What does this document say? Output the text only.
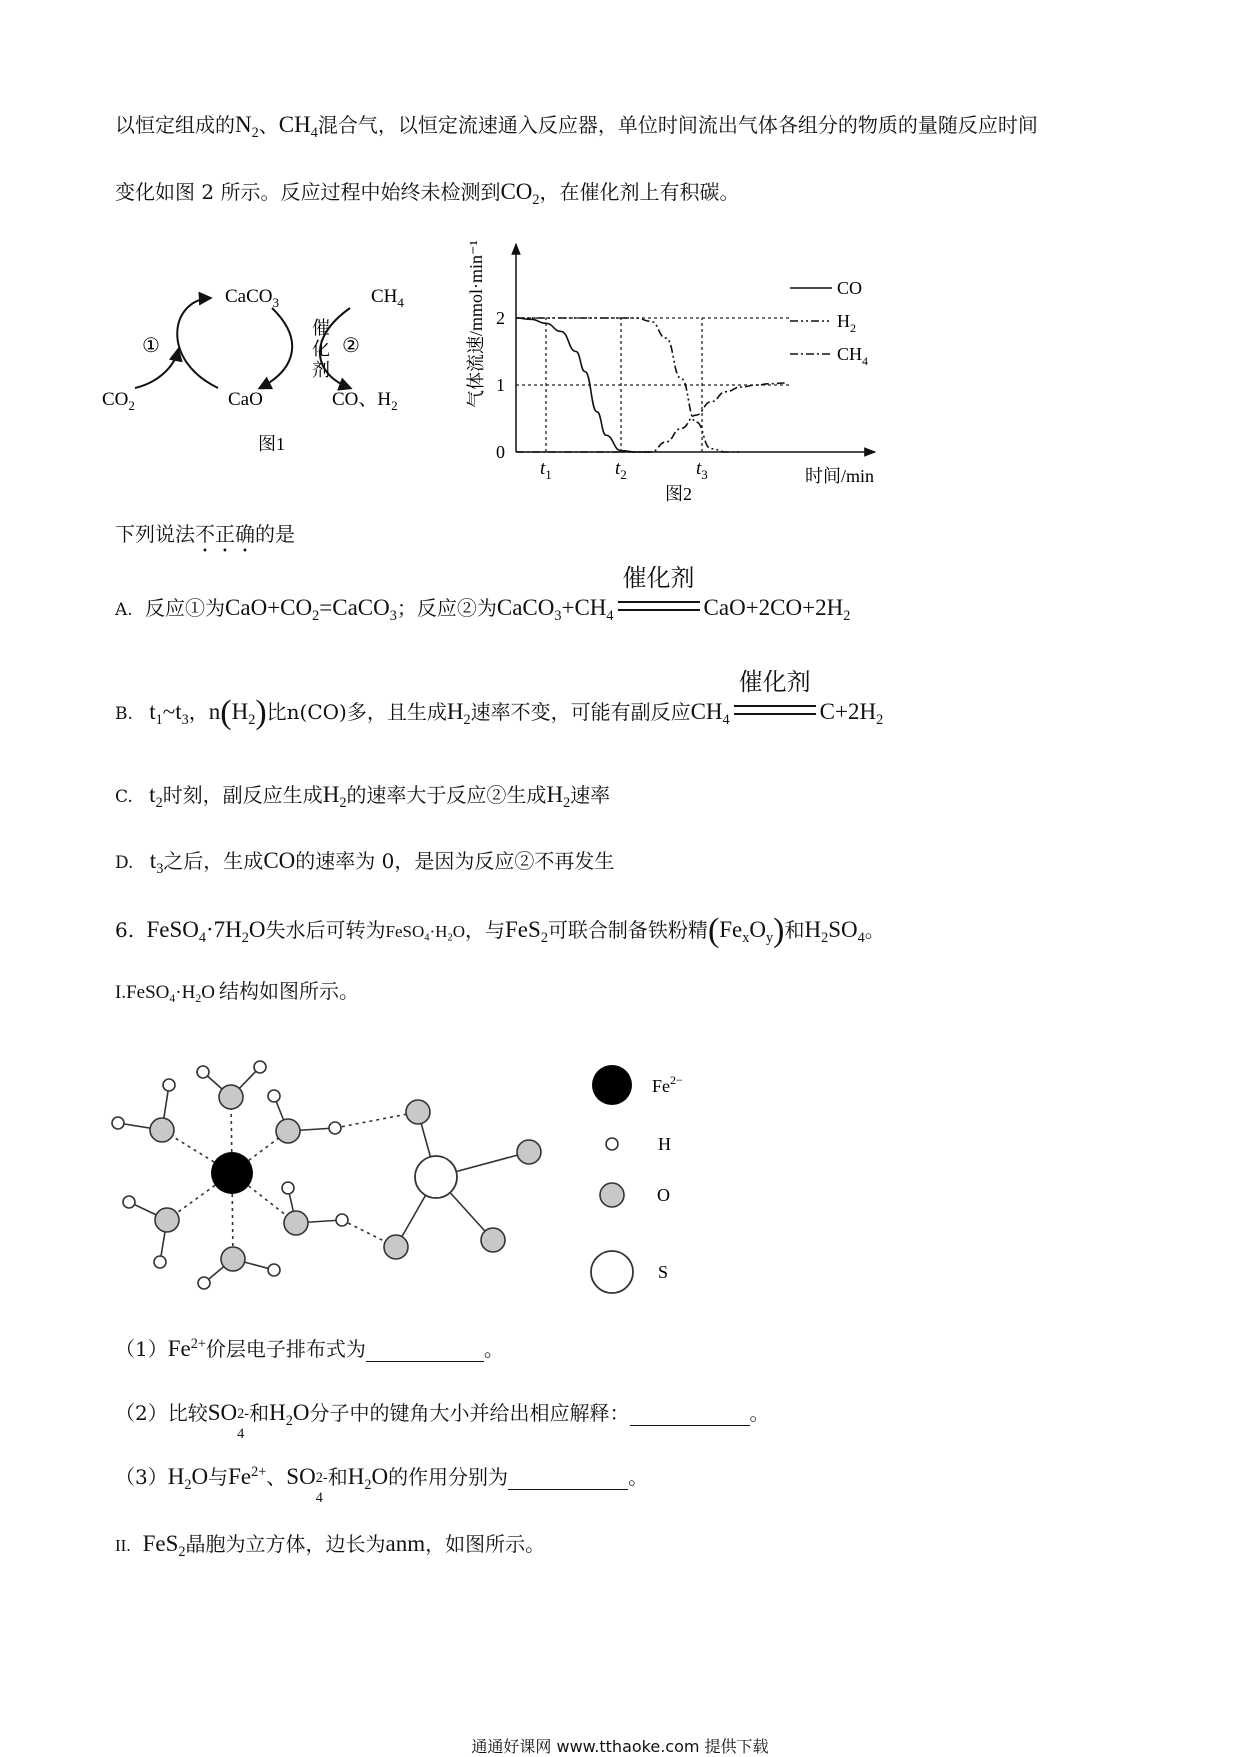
以恒定组成的$N_2$、$CH_4$混合气，以恒定流速通入反应器，单位时间流出气体各组分的物质的量随反应时间
变化如图 2 所示。反应过程中始终未检测到$CO_2$，在催化剂上有积碳。
CaCO$_3$	$CH_4$
催
化
剂
①	②
$CO_2$	CaO	CO、$H_2$
图1
气体流速/mmol·min⁻¹
时间/min
图2
0
1
2
$t_1$	$t_2$	$t_3$
CO
$H_2$
$CH_4$
下列说法不正确的是
A. 反应①为$CaO+CO_2=CaCO_3$；反应②为$CaCO_3+CH_4$
催化剂
$CaO+2CO+2H_2$
B. $t_1\sim t_3$，$n(H_2)$比n(CO)多，且生成$H_2$速率不变，可能有副反应$CH_4$
催化剂
$C+2H_2$
C. $t_2$时刻，副反应生成$H_2$的速率大于反应②生成$H_2$速率
D. $t_3$之后，生成CO的速率为 0，是因为反应②不再发生
6. $FeSO_4\cdot 7H_2O$失水后可转为$FeSO_4\cdot H_2O$，与FeS$_2$可联合制备铁粉精$(Fe_xO_y)$和$H_2SO_4$。
$I.FeSO_4\cdot H_2O$ 结构如图所示。
$Fe^{2-}$
H
O
S
$(1)Fe^{2+}$价层电子排布式为	。
（2）比较SO 2-
4
和$H_2O$分子中的键角大小并给出相应解释：	。
$(3)H_2O$与$Fe^{2+}$、SO 2-
4
和$H_2O$的作用分别为	。
II. FeS$_2$晶胞为立方体，边长为anm，如图所示。
通通好课网 www.tthaoke.com 提供下载
